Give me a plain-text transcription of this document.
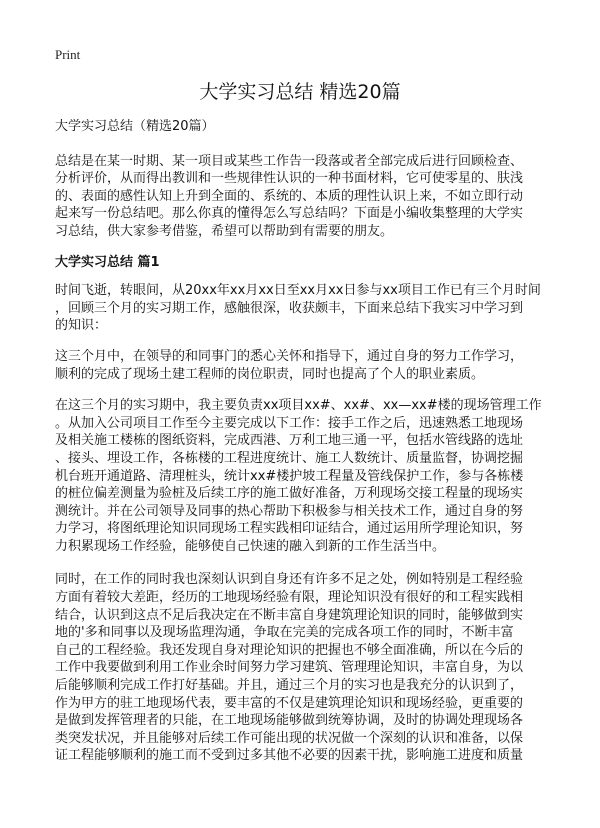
Print
大学实习总结 精选20篇
大学实习总结（精选20篇）
总结是在某一时期、某一项目或某些工作告一段落或者全部完成后进行回顾检查、
分析评价，从而得出教训和一些规律性认识的一种书面材料，它可使零星的、肤浅
的、表面的感性认知上升到全面的、系统的、本质的理性认识上来，不如立即行动
起来写一份总结吧。那么你真的懂得怎么写总结吗？下面是小编收集整理的大学实
习总结，供大家参考借鉴，希望可以帮助到有需要的朋友。
大学实习总结 篇1
时间飞逝，转眼间，从20xx年xx月xx日至xx月xx日参与xx项目工作已有三个月时间
，回顾三个月的实习期工作，感触很深，收获颇丰，下面来总结下我实习中学习到
的知识：
这三个月中，在领导的和同事门的悉心关怀和指导下，通过自身的努力工作学习，
顺利的完成了现场土建工程师的岗位职责，同时也提高了个人的职业素质。
在这三个月的实习期中，我主要负责xx项目xx#、xx#、xx—xx#楼的现场管理工作
。从加入公司项目工作至今主要完成以下工作：接手工作之后，迅速熟悉工地现场
及相关施工楼栋的图纸资料，完成西港、万利工地三通一平，包括水管线路的选址
、接头、埋设工作，各栋楼的工程进度统计、施工人数统计、质量监督，协调挖掘
机台班开通道路、清理桩头，统计xx#楼护坡工程量及管线保护工作，参与各栋楼
的桩位偏差测量为验桩及后续工序的施工做好准备，万利现场交接工程量的现场实
测统计。并在公司领导及同事的热心帮助下积极参与相关技术工作，通过自身的努
力学习，将图纸理论知识同现场工程实践相印证结合，通过运用所学理论知识，努
力积累现场工作经验，能够使自己快速的融入到新的工作生活当中。
同时，在工作的同时我也深刻认识到自身还有许多不足之处，例如特别是工程经验
方面有着较大差距，经历的工地现场经验有限，理论知识没有很好的和工程实践相
结合，认识到这点不足后我决定在不断丰富自身建筑理论知识的同时，能够做到实
地的'多和同事以及现场监理沟通，争取在完美的完成各项工作的同时，不断丰富
自己的工程经验。我还发现自身对理论知识的把握也不够全面准确，所以在今后的
工作中我要做到利用工作业余时间努力学习建筑、管理理论知识，丰富自身，为以
后能够顺利完成工作打好基础。并且，通过三个月的实习也是我充分的认识到了，
作为甲方的驻工地现场代表，要丰富的不仅是建筑理论知识和现场经验，更重要的
是做到发挥管理者的只能，在工地现场能够做到统筹协调，及时的协调处理现场各
类突发状况，并且能够对后续工作可能出现的状况做一个深刻的认识和准备，以保
证工程能够顺利的施工而不受到过多其他不必要的因素干扰，影响施工进度和质量
